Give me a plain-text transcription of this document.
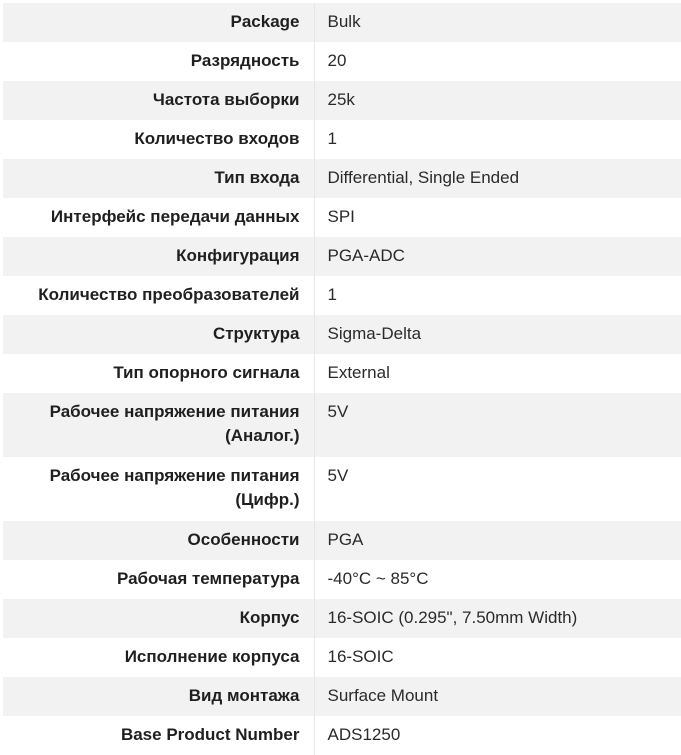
Package	Bulk
Разрядность	20
Частота выборки	25k
Количество входов	1
Тип входа	Differential, Single Ended
Интерфейс передачи данных	SPI
Конфигурация	PGA-ADC
Количество преобразователей	1
Структура	Sigma-Delta
Тип опорного сигнала	External
Рабочее напряжение питания (Аналог.)	5V
Рабочее напряжение питания (Цифр.)	5V
Особенности	PGA
Рабочая температура	-40°C ~ 85°C
Корпус	16-SOIC (0.295", 7.50mm Width)
Исполнение корпуса	16-SOIC
Вид монтажа	Surface Mount
Base Product Number	ADS1250
